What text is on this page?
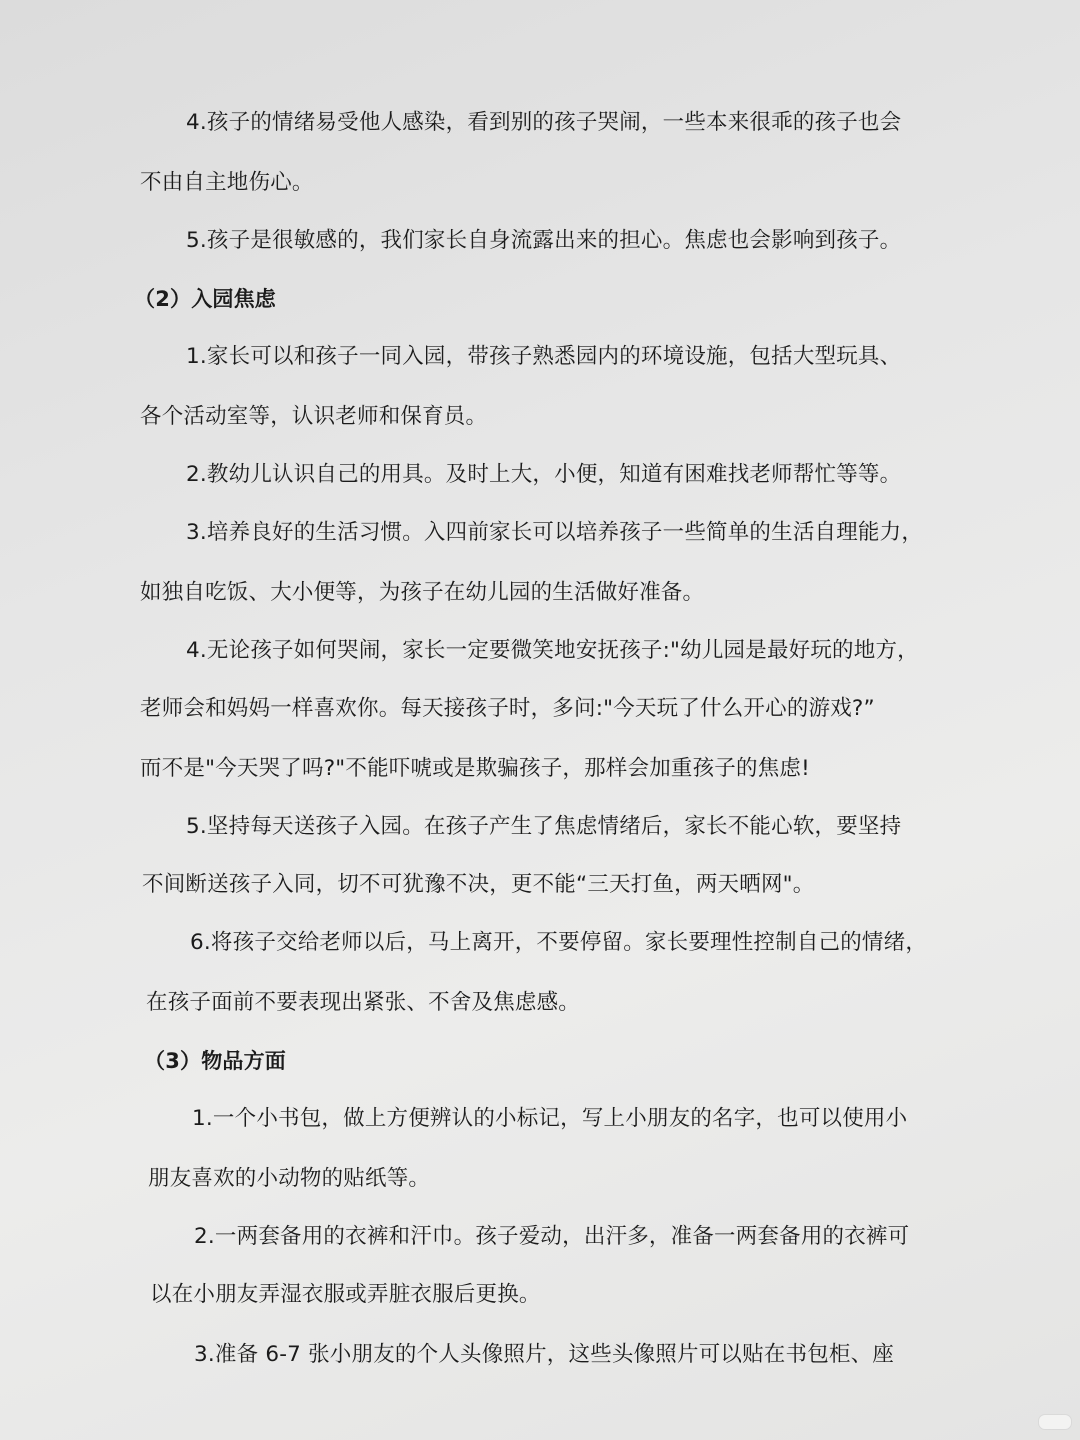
4.孩子的情绪易受他人感染，看到别的孩子哭闹，一些本来很乖的孩子也会
不由自主地伤心。
5.孩子是很敏感的，我们家长自身流露出来的担心。焦虑也会影响到孩子。
（2）入园焦虑
1.家长可以和孩子一同入园，带孩子熟悉园内的环境设施，包括大型玩具、
各个活动室等，认识老师和保育员。
2.教幼儿认识自己的用具。及时上大，小便，知道有困难找老师帮忙等等。
3.培养良好的生活习惯。入四前家长可以培养孩子一些简单的生活自理能力，
如独自吃饭、大小便等，为孩子在幼儿园的生活做好准备。
4.无论孩子如何哭闹，家长一定要微笑地安抚孩子:"幼儿园是最好玩的地方，
老师会和妈妈一样喜欢你。每天接孩子时，多问:"今天玩了什么开心的游戏?”
而不是"今天哭了吗?"不能吓唬或是欺骗孩子，那样会加重孩子的焦虑!
5.坚持每天送孩子入园。在孩子产生了焦虑情绪后，家长不能心软，要坚持
不间断送孩子入同，切不可犹豫不决，更不能“三天打鱼，两天晒网"。
6.将孩子交给老师以后，马上离开，不要停留。家长要理性控制自己的情绪，
在孩子面前不要表现出紧张、不舍及焦虑感。
（3）物品方面
1.一个小书包，做上方便辨认的小标记，写上小朋友的名字，也可以使用小
朋友喜欢的小动物的贴纸等。
2.一两套备用的衣裤和汗巾。孩子爱动，出汗多，准备一两套备用的衣裤可
以在小朋友弄湿衣服或弄脏衣服后更换。
3.准备 6-7 张小朋友的个人头像照片，这些头像照片可以贴在书包柜、座
